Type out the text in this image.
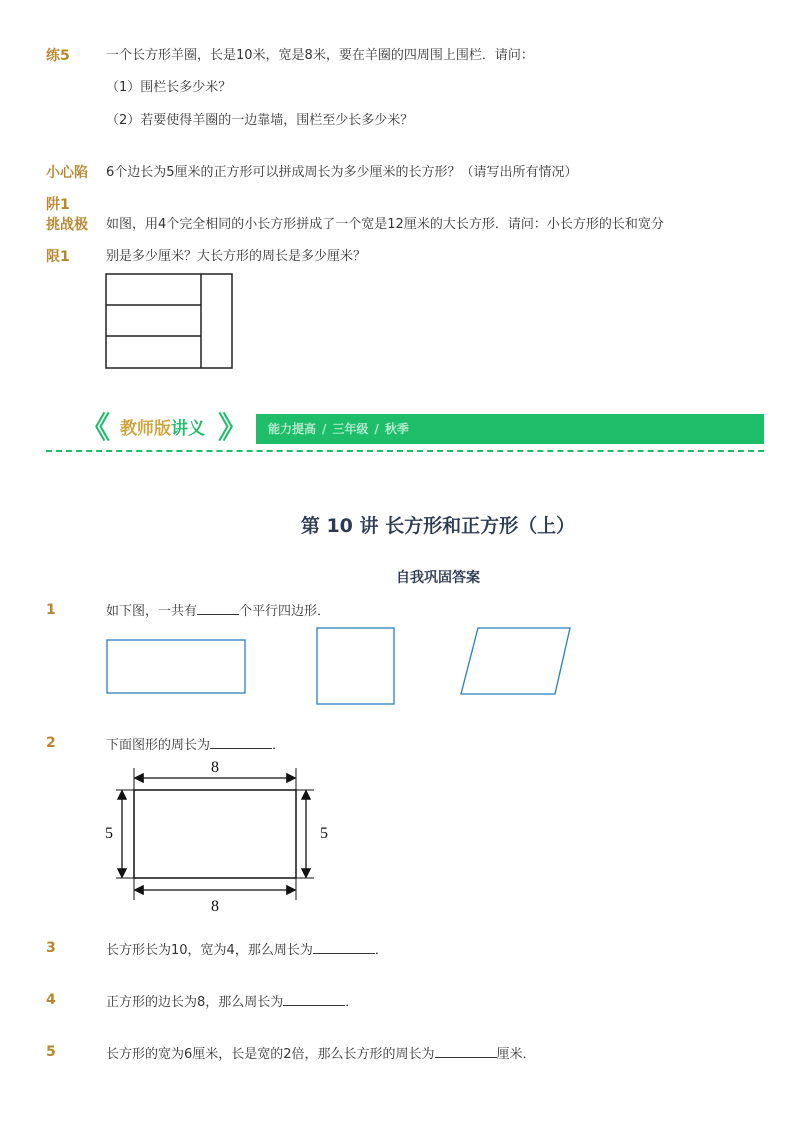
练5	一个长方形羊圈，长是10米，宽是8米，要在羊圈的四周围上围栏．请问：
（1）围栏长多少米？
（2）若要使得羊圈的一边靠墙，围栏至少长多少米？
小心陷 6个边长为5厘米的正方形可以拼成周长为多少厘米的长方形？（请写出所有情况）
阱1
挑战极
限1
如图，用4个完全相同的小长方形拼成了一个宽是12厘米的大长方形．请问：小长方形的长和宽分
别是多少厘米？大长方形的周长是多少厘米？
《 教师版讲义 》 能力提高 / 三年级 / 秋季
第 10 讲 长方形和正方形（上）
自我巩固答案
1	如下图，一共有	个平行四边形．
2	下面图形的周长为	．
8
8
5	5
3	长方形长为10，宽为4，那么周长为	．
4	正方形的边长为8，那么周长为	．
5	长方形的宽为6厘米，长是宽的2倍，那么长方形的周长为	厘米．
